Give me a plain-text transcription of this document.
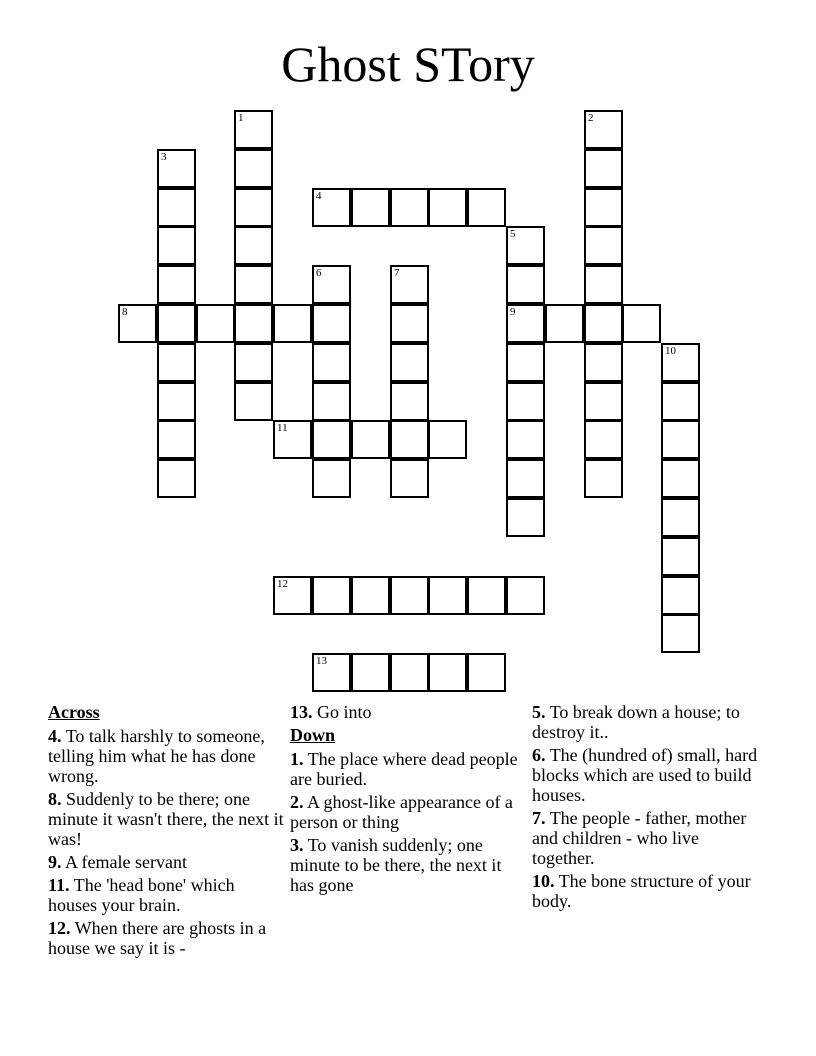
Ghost STory
1	2
3
4
5
9
6	7
8
10
11
12
13
Across
4. To talk harshly to someone, telling him what he has done wrong.
8. Suddenly to be there; one minute it wasn't there, the next it was!
9. A female servant
11. The 'head bone' which houses your brain.
12. When there are ghosts in a house we say it is -
13. Go into
Down
1. The place where dead people are buried.
2. A ghost-like appearance of a person or thing
3. To vanish suddenly; one minute to be there, the next it has gone
5. To break down a house; to destroy it..
6. The (hundred of) small, hard blocks which are used to build houses.
7. The people - father, mother and children - who live together.
10. The bone structure of your body.
